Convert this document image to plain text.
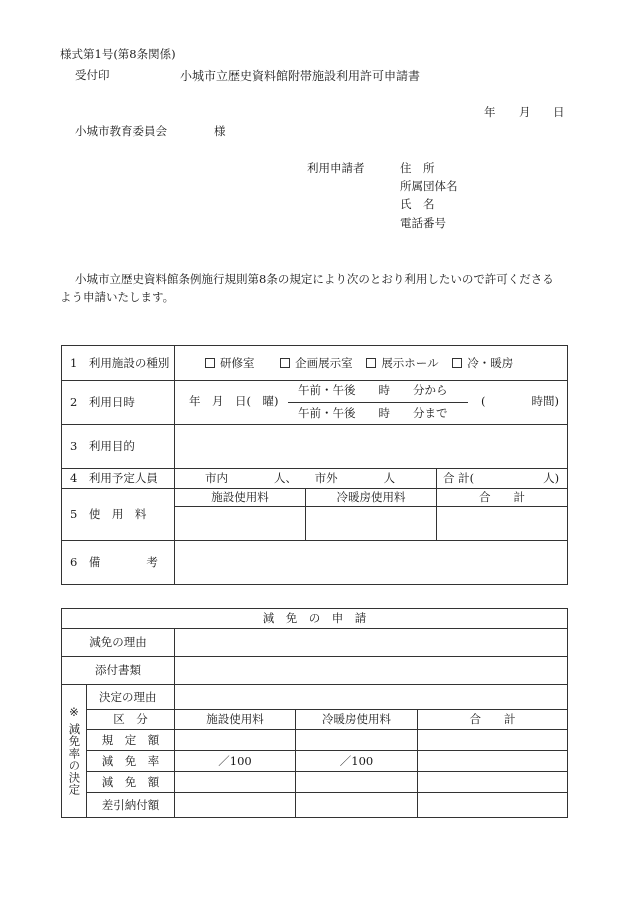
様式第1号(第8条関係)
受付印	小城市立歴史資料館附帯施設利用許可申請書
年 月 日
小城市教育委員会	様
利用申請者	住　所
所属団体名
氏　名
電話番号
小城市立歴史資料館条例施行規則第8条の規定により次のとおり利用したいので許可くださる
よう申請いたします。
1　利用施設の種別	研修室 企画展示室 展示ホール 冷・暖房		
2　利用日時	年　月　日(　曜)
午前・午後　　時　　分から
午前・午後　　時　　分まで
(　　　　時間)		

3　利用目的			
4　利用予定人員	市内　　　　人、 市外　　　　人		合 計(　　　　　　人)
5　使　用　料	施設使用料	冷暖房使用料	合　　計

6　備　　　　考			
減　免　の　申　請				
減免の理由				
添付書類				

※
減免率の決定	決定の理由			
	区　分	施設使用料	冷暖房使用料	合　　計
	規　定　額			
	減　免　率	／100	／100	
	減　免　額			
	差引納付額			
